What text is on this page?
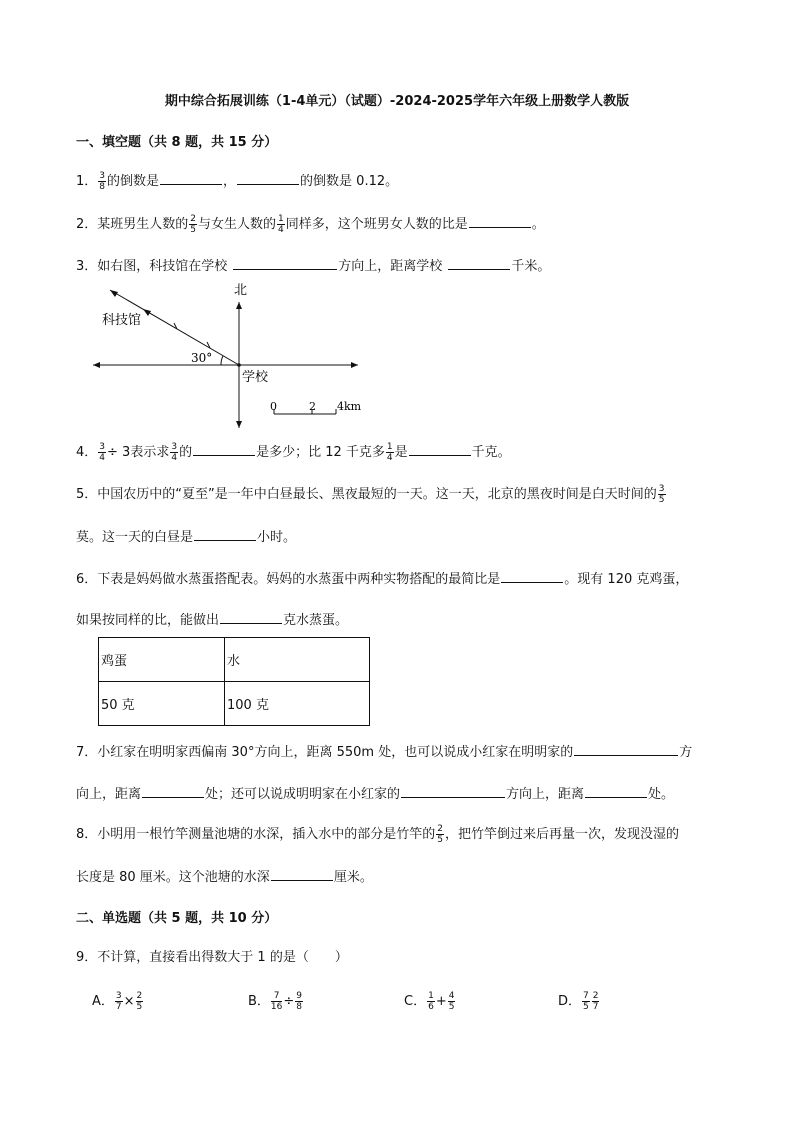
期中综合拓展训练（1-4单元）（试题）-2024-2025学年六年级上册数学人教版
一、填空题（共 8 题，共 15 分）
1． $\frac{3}{8}$ 的倒数是	，	的倒数是 0.12。
2．某班男生人数的 $\frac{2}{5}$ 与女生人数的 $\frac{1}{4}$ 同样多，这个班男女人数的比是	。
3．如右图，科技馆在学校	方向上，距离学校	千米。
北
科技馆
30°
学校
0	2 4km
4． $\frac{3}{4} \div 3$表示求 $\frac{3}{4}$ 的	是多少；比 12 千克多 $\frac{1}{4}$ 是	千克。
5．中国农历中的“夏至”是一年中白昼最长、黑夜最短的一天。这一天，北京的黑夜时间是白天时间的 $\frac{3}{5}$
莫。这一天的白昼是	小时。
6．下表是妈妈做水蒸蛋搭配表。妈妈的水蒸蛋中两种实物搭配的最简比是	。现有 120 克鸡蛋，
如果按同样的比，能做出	克水蒸蛋。
鸡蛋	水
50 克	100 克
7．小红家在明明家西偏南 30°方向上，距离 550m 处，也可以说成小红家在明明家的	方
向上，距离	处；还可以说成明明家在小红家的	方向上，距离	处。
8．小明用一根竹竿测量池塘的水深，插入水中的部分是竹竿的 $\frac{2}{5}$ ，把竹竿倒过来后再量一次，发现没湿的
长度是 80 厘米。这个池塘的水深	厘米。
二、单选题（共 5 题，共 10 分）
9．不计算，直接看出得数大于 1 的是（　　）
A． $\frac{3}{7} \times \frac{2}{5}$	B． $\frac{7}{16} \div \frac{9}{8}$	C． $\frac{1}{6} + \frac{4}{5}$	D． $\frac{7}{5} \frac{2}{7}$
